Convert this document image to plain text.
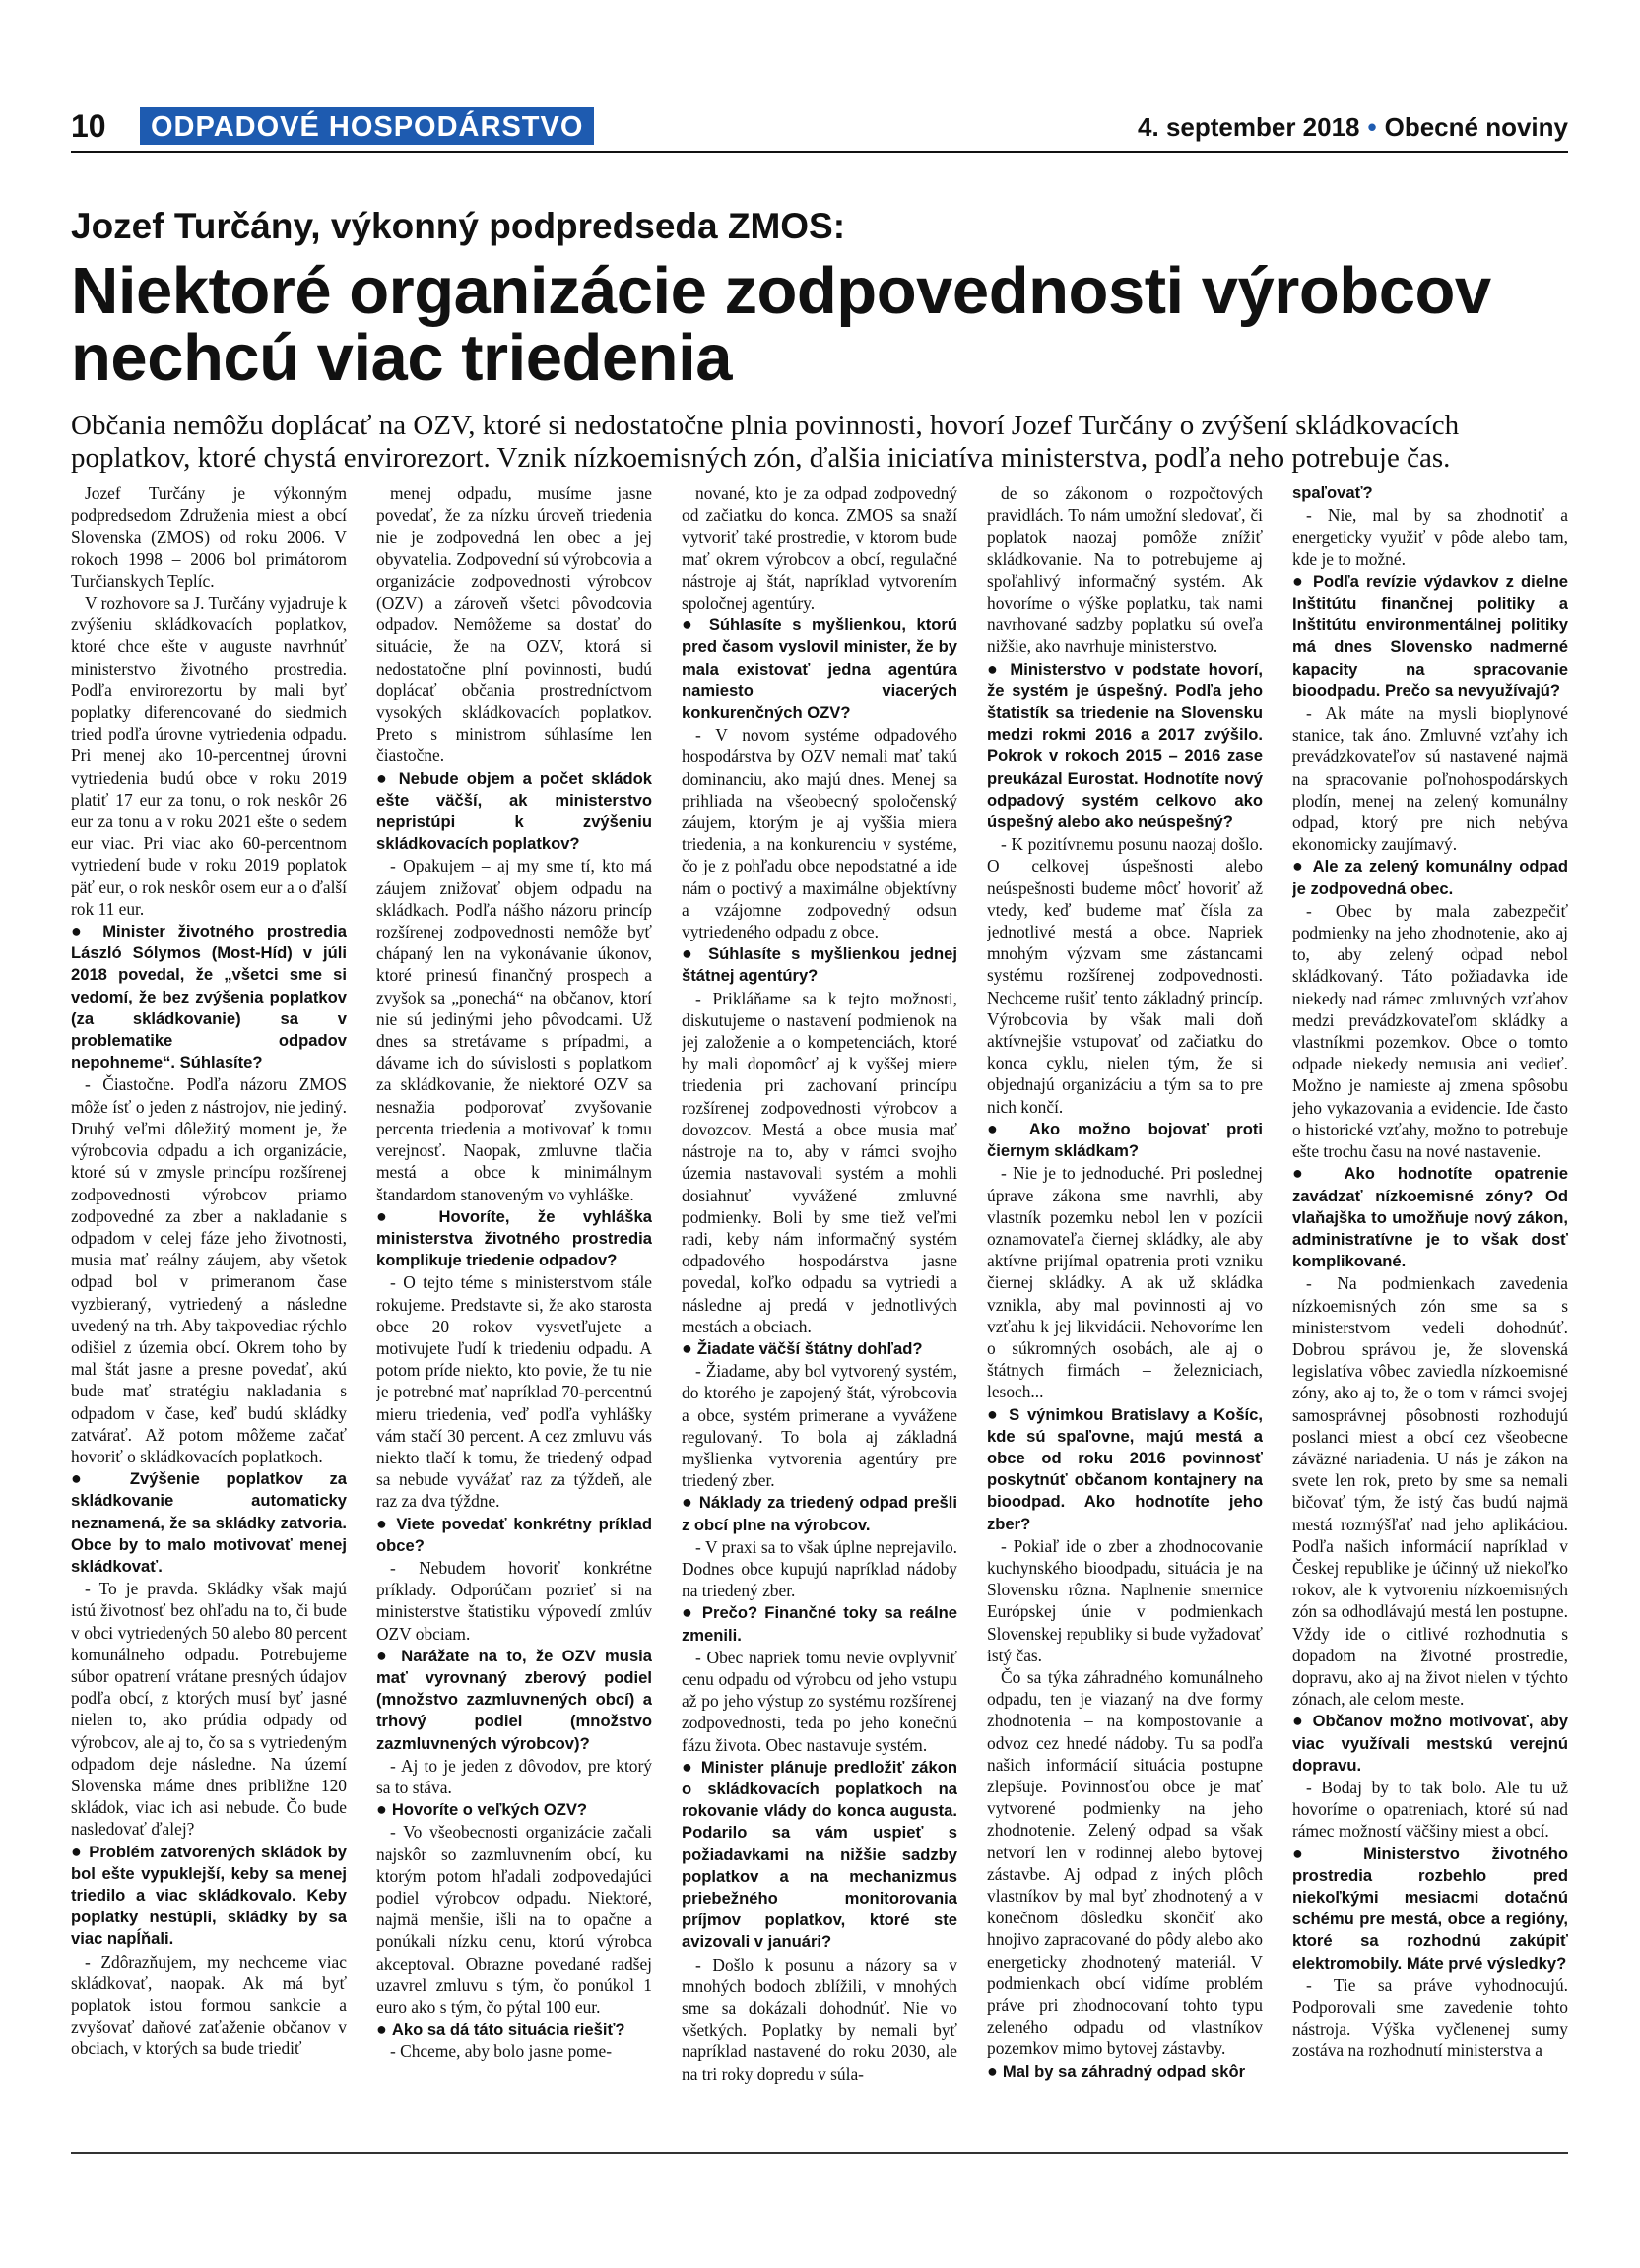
10	ODPADOVÉ HOSPODÁRSTVO	4. september 2018 • Obecné noviny
Jozef Turčány, výkonný podpredseda ZMOS:
Niektoré organizácie zodpovednosti výrobcov nechcú viac triedenia
Občania nemôžu doplácať na OZV, ktoré si nedostatočne plnia povinnosti, hovorí Jozef Turčány o zvýšení skládkovacích poplatkov, ktoré chystá envirorezort. Vznik nízkoemisných zón, ďalšia iniciatíva ministerstva, podľa neho potrebuje čas.

Jozef Turčány je výkonným podpredsedom Združenia miest a obcí Slovenska (ZMOS) od roku 2006. V rokoch 1998 – 2006 bol primátorom Turčianskych Teplíc.

V rozhovore sa J. Turčány vyjadruje k zvýšeniu skládkovacích poplatkov, ktoré chce ešte v auguste navrhnúť ministerstvo životného prostredia. Podľa envirorezortu by mali byť poplatky diferencované do siedmich tried podľa úrovne vytriedenia odpadu. Pri menej ako 10-percentnej úrovni vytriedenia budú obce v roku 2019 platiť 17 eur za tonu, o rok neskôr 26 eur za tonu a v roku 2021 ešte o sedem eur viac. Pri viac ako 60-percentnom vytriedení bude v roku 2019 poplatok päť eur, o rok neskôr osem eur a o ďalší rok 11 eur.

● Minister životného prostredia László Sólymos (Most-Híd) v júli 2018 povedal, že „všetci sme si vedomí, že bez zvýšenia poplatkov (za skládkovanie) sa v problematike odpadov nepohneme“. Súhlasíte?

- Čiastočne. Podľa názoru ZMOS môže ísť o jeden z nástrojov, nie jediný. Druhý veľmi dôležitý moment je, že výrobcovia odpadu a ich organizácie, ktoré sú v zmysle princípu rozšírenej zodpovednosti výrobcov priamo zodpovedné za zber a nakladanie s odpadom v celej fáze jeho životnosti, musia mať reálny záujem, aby všetok odpad bol v primeranom čase vyzbieraný, vytriedený a následne uvedený na trh. Aby takpovediac rýchlo odišiel z územia obcí. Okrem toho by mal štát jasne a presne povedať, akú bude mať stratégiu nakladania s odpadom v čase, keď budú skládky zatvárať. Až potom môžeme začať hovoriť o skládkovacích poplatkoch.

● Zvýšenie poplatkov za skládkovanie automaticky neznamená, že sa skládky zatvoria. Obce by to malo motivovať menej skládkovať.

- To je pravda. Skládky však majú istú životnosť bez ohľadu na to, či bude v obci vytriedených 50 alebo 80 percent komunálneho odpadu. Potrebujeme súbor opatrení vrátane presných údajov podľa obcí, z ktorých musí byť jasné nielen to, ako prúdia odpady od výrobcov, ale aj to, čo sa s vytriedeným odpadom deje následne. Na území Slovenska máme dnes približne 120 skládok, viac ich asi nebude. Čo bude nasledovať ďalej?

● Problém zatvorených skládok by bol ešte vypuklejší, keby sa menej triedilo a viac skládkovalo. Keby poplatky nestúpli, skládky by sa viac napĺňali.

- Zdôrazňujem, my nechceme viac skládkovať, naopak. Ak má byť poplatok istou formou sankcie a zvyšovať daňové zaťaženie občanov v obciach, v ktorých sa bude triediť

menej odpadu, musíme jasne povedať, že za nízku úroveň triedenia nie je zodpovedná len obec a jej obyvatelia. Zodpovední sú výrobcovia a organizácie zodpovednosti výrobcov (OZV) a zároveň všetci pôvodcovia odpadov. Nemôžeme sa dostať do situácie, že na OZV, ktorá si nedostatočne plní povinnosti, budú doplácať občania prostredníctvom vysokých skládkovacích poplatkov. Preto s ministrom súhlasíme len čiastočne.

● Nebude objem a počet skládok ešte väčší, ak ministerstvo nepristúpi k zvýšeniu skládkovacích poplatkov?

- Opakujem – aj my sme tí, kto má záujem znižovať objem odpadu na skládkach. Podľa nášho názoru princíp rozšírenej zodpovednosti nemôže byť chápaný len na vykonávanie úkonov, ktoré prinesú finančný prospech a zvyšok sa „ponechá“ na občanov, ktorí nie sú jedinými jeho pôvodcami. Už dnes sa stretávame s prípadmi, a dávame ich do súvislosti s poplatkom za skládkovanie, že niektoré OZV sa nesnažia podporovať zvyšovanie percenta triedenia a motivovať k tomu verejnosť. Naopak, zmluvne tlačia mestá a obce k minimálnym štandardom stanoveným vo vyhláške.

● Hovoríte, že vyhláška ministerstva životného prostredia komplikuje triedenie odpadov?

- O tejto téme s ministerstvom stále rokujeme. Predstavte si, že ako starosta obce 20 rokov vysvetľujete a motivujete ľudí k triedeniu odpadu. A potom príde niekto, kto povie, že tu nie je potrebné mať napríklad 70-percentnú mieru triedenia, veď podľa vyhlášky vám stačí 30 percent. A cez zmluvu vás niekto tlačí k tomu, že triedený odpad sa nebude vyvážať raz za týždeň, ale raz za dva týždne.

● Viete povedať konkrétny príklad obce?

- Nebudem hovoriť konkrétne príklady. Odporúčam pozrieť si na ministerstve štatistiku výpovedí zmlúv OZV obciam.

● Narážate na to, že OZV musia mať vyrovnaný zberový podiel (množstvo zazmluvnených obcí) a trhový podiel (množstvo zazmluvnených výrobcov)?

- Aj to je jeden z dôvodov, pre ktorý sa to stáva.

● Hovoríte o veľkých OZV?

- Vo všeobecnosti organizácie začali najskôr so zazmluvnením obcí, ku ktorým potom hľadali zodpovedajúci podiel výrobcov odpadu. Niektoré, najmä menšie, išli na to opačne a ponúkali nízku cenu, ktorú výrobca akceptoval. Obrazne povedané radšej uzavrel zmluvu s tým, čo ponúkol 1 euro ako s tým, čo pýtal 100 eur.

● Ako sa dá táto situácia riešiť?

- Chceme, aby bolo jasne pome-

nované, kto je za odpad zodpovedný od začiatku do konca. ZMOS sa snaží vytvoriť také prostredie, v ktorom bude mať okrem výrobcov a obcí, regulačné nástroje aj štát, napríklad vytvorením spoločnej agentúry.

● Súhlasíte s myšlienkou, ktorú pred časom vyslovil minister, že by mala existovať jedna agentúra namiesto viacerých konkurenčných OZV?

- V novom systéme odpadového hospodárstva by OZV nemali mať takú dominanciu, ako majú dnes. Menej sa prihliada na všeobecný spoločenský záujem, ktorým je aj vyššia miera triedenia, a na konkurenciu v systéme, čo je z pohľadu obce nepodstatné a ide nám o poctivý a maximálne objektívny a vzájomne zodpovedný odsun vytriedeného odpadu z obce.

● Súhlasíte s myšlienkou jednej štátnej agentúry?

- Prikláňame sa k tejto možnosti, diskutujeme o nastavení podmienok na jej založenie a o kompetenciách, ktoré by mali dopomôcť aj k vyššej miere triedenia pri zachovaní princípu rozšírenej zodpovednosti výrobcov a dovozcov. Mestá a obce musia mať nástroje na to, aby v rámci svojho územia nastavovali systém a mohli dosiahnuť vyvážené zmluvné podmienky. Boli by sme tiež veľmi radi, keby nám informačný systém odpadového hospodárstva jasne povedal, koľko odpadu sa vytriedi a následne aj predá v jednotlivých mestách a obciach.

● Žiadate väčší štátny dohľad?

- Žiadame, aby bol vytvorený systém, do ktorého je zapojený štát, výrobcovia a obce, systém primerane a vyvážene regulovaný. To bola aj základná myšlienka vytvorenia agentúry pre triedený zber.

● Náklady za triedený odpad prešli z obcí plne na výrobcov.

- V praxi sa to však úplne nepreјavilo. Dodnes obce kupujú napríklad nádoby na triedený zber.

● Prečo? Finančné toky sa reálne zmenili.

- Obec napriek tomu nevie ovplyvniť cenu odpadu od výrobcu od jeho vstupu až po jeho výstup zo systému rozšírenej zodpovednosti, teda po jeho konečnú fázu života. Obec nastavuje systém.

● Minister plánuje predložiť zákon o skládkovacích poplatkoch na rokovanie vlády do konca augusta. Podarilo sa vám uspieť s požiadavkami na nižšie sadzby poplatkov a na mechanizmus priebežného monitorovania príjmov poplatkov, ktoré ste avizovali v januári?

- Došlo k posunu a názory sa v mnohých bodoch zblížili, v mnohých sme sa dokázali dohodnúť. Nie vo všetkých. Poplatky by nemali byť napríklad nastavené do roku 2030, ale na tri roky dopredu v súla-

de so zákonom o rozpočtových pravidlách. To nám umožní sledovať, či poplatok naozaj pomôže znížiť skládkovanie. Na to potrebujeme aj spoľahlivý informačný systém. Ak hovoríme o výške poplatku, tak nami navrhované sadzby poplatku sú oveľa nižšie, ako navrhuje ministerstvo.

● Ministerstvo v podstate hovorí, že systém je úspešný. Podľa jeho štatistík sa triedenie na Slovensku medzi rokmi 2016 a 2017 zvýšilo. Pokrok v rokoch 2015 – 2016 zase preukázal Eurostat. Hodnotíte nový odpadový systém celkovo ako úspešný alebo ako neúspešný?

- K pozitívnemu posunu naozaj došlo. O celkovej úspešnosti alebo neúspešnosti budeme môcť hovoriť až vtedy, keď budeme mať čísla za jednotlivé mestá a obce. Napriek mnohým výzvam sme zástancami systému rozšírenej zodpovednosti. Nechceme rušiť tento základný princíp. Výrobcovia by však mali doň aktívnejšie vstupovať od začiatku do konca cyklu, nielen tým, že si objednajú organizáciu a tým sa to pre nich končí.

● Ako možno bojovať proti čiernym skládkam?

- Nie je to jednoduché. Pri poslednej úprave zákona sme navrhli, aby vlastník pozemku nebol len v pozícii oznamovateľa čiernej skládky, ale aby aktívne prijímal opatrenia proti vzniku čiernej skládky. A ak už skládka vznikla, aby mal povinnosti aj vo vzťahu k jej likvidácii. Nehovoríme len o súkromných osobách, ale aj o štátnych firmách – železniciach, lesoch...

● S výnimkou Bratislavy a Košíc, kde sú spaľovne, majú mestá a obce od roku 2016 povinnosť poskytnúť občanom kontajnery na bioodpad. Ako hodnotíte jeho zber?

- Pokiaľ ide o zber a zhodnocovanie kuchynského bioodpadu, situácia je na Slovensku rôzna. Naplnenie smernice Európskej únie v podmienkach Slovenskej republiky si bude vyžadovať istý čas.

Čo sa týka záhradného komunálneho odpadu, ten je viazaný na dve formy zhodnotenia – na kompostovanie a odvoz cez hnedé nádoby. Tu sa podľa našich informácií situácia postupne zlepšuje. Povinnosťou obce je mať vytvorené podmienky na jeho zhodnotenie. Zelený odpad sa však netvorí len v rodinnej alebo bytovej zástavbe. Aj odpad z iných plôch vlastníkov by mal byť zhodnotený a v konečnom dôsledku skončiť ako hnojivo zapracované do pôdy alebo ako energeticky zhodnotený materiál. V podmienkach obcí vidíme problém práve pri zhodnocovaní tohto typu zeleného odpadu od vlastníkov pozemkov mimo bytovej zástavby.

● Mal by sa záhradný odpad skôr

spaľovať?

- Nie, mal by sa zhodnotiť a energeticky využiť v pôde alebo tam, kde je to možné.

● Podľa revízie výdavkov z dielne Inštitútu finančnej politiky a Inštitútu environmentálnej politiky má dnes Slovensko nadmerné kapacity na spracovanie bioodpadu. Prečo sa nevyužívajú?

- Ak máte na mysli bioplynové stanice, tak áno. Zmluvné vzťahy ich prevádzkovateľov sú nastavené najmä na spracovanie poľnohospodárskych plodín, menej na zelený komunálny odpad, ktorý pre nich nebýva ekonomicky zaujímavý.

● Ale za zelený komunálny odpad je zodpovedná obec.

- Obec by mala zabezpečiť podmienky na jeho zhodnotenie, ako aj to, aby zelený odpad nebol skládkovaný. Táto požiadavka ide niekedy nad rámec zmluvných vzťahov medzi prevádzkovateľom skládky a vlastníkmi pozemkov. Obce o tomto odpade niekedy nemusia ani vedieť. Možno je namieste aj zmena spôsobu jeho vykazovania a evidencie. Ide často o historické vzťahy, možno to potrebuje ešte trochu času na nové nastavenie.

● Ako hodnotíte opatrenie zavádzať nízkoemisné zóny? Od vlaňajška to umožňuje nový zákon, administratívne je to však dosť komplikované.

- Na podmienkach zavedenia nízkoemisných zón sme sa s ministerstvom vedeli dohodnúť. Dobrou správou je, že slovenská legislatíva vôbec zaviedla nízkoemisné zóny, ako aj to, že o tom v rámci svojej samosprávnej pôsobnosti rozhodujú poslanci miest a obcí cez všeobecne záväzné nariadenia. U nás je zákon na svete len rok, preto by sme sa nemali bičovať tým, že istý čas budú najmä mestá rozmýšľať nad jeho aplikáciou. Podľa našich informácií napríklad v Českej republike je účinný už niekoľko rokov, ale k vytvoreniu nízkoemisných zón sa odhodlávajú mestá len postupne. Vždy ide o citlivé rozhodnutia s dopadom na životné prostredie, dopravu, ako aj na život nielen v týchto zónach, ale celom meste.

● Občanov možno motivovať, aby viac využívali mestskú verejnú dopravu.

- Bodaj by to tak bolo. Ale tu už hovoríme o opatreniach, ktoré sú nad rámec možností väčšiny miest a obcí.

● Ministerstvo životného prostredia rozbehlo pred niekoľkými mesiacmi dotačnú schému pre mestá, obce a regióny, ktoré sa rozhodnú zakúpiť elektromobily. Máte prvé výsledky?

- Tie sa práve vyhodnocujú. Podporovali sme zavedenie tohto nástroja. Výška vyčlenenej sumy zostáva na rozhodnutí ministerstva a
